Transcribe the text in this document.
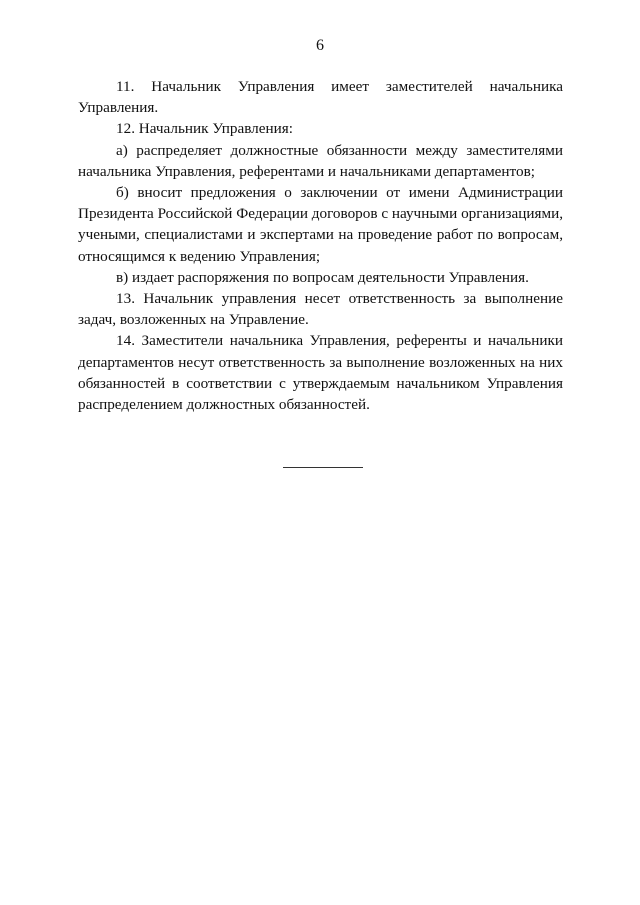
6

11. Начальник Управления имеет заместителей начальника Управления.

12. Начальник Управления:

а) распределяет должностные обязанности между заместителями начальника Управления, референтами и начальниками департаментов;

б) вносит предложения о заключении от имени Администрации Президента Российской Федерации договоров с научными организациями, учеными, специалистами и экспертами на проведение работ по вопросам, относящимся к ведению Управления;

в) издает распоряжения по вопросам деятельности Управления.

13. Начальник управления несет ответственность за выполнение задач, возложенных на Управление.

14. Заместители начальника Управления, референты и начальники департаментов несут ответственность за выполнение возложенных на них обязанностей в соответствии с утверждаемым начальником Управления распределением должностных обязанностей.
